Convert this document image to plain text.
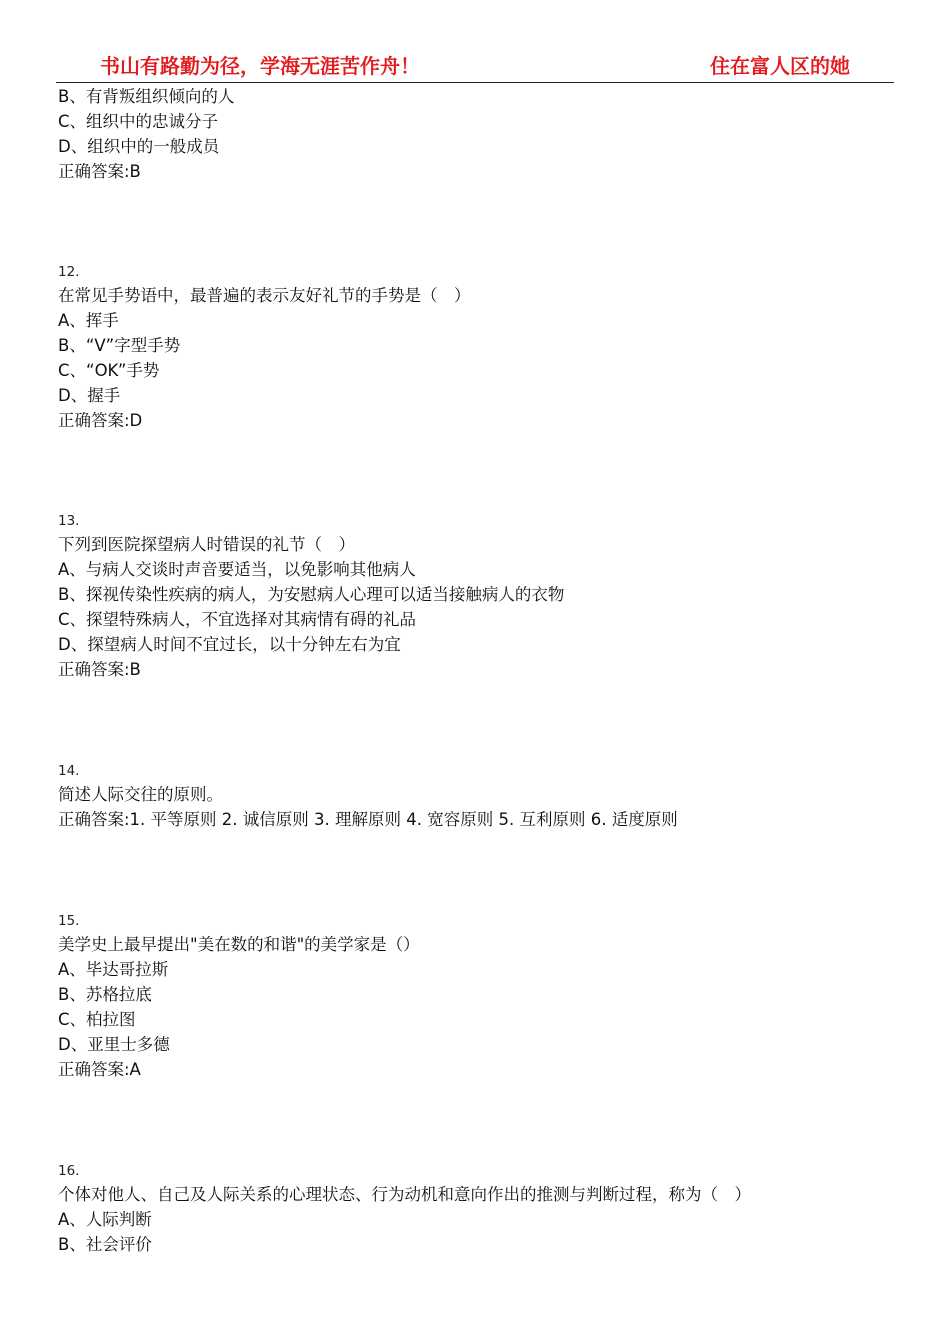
书山有路勤为径，学海无涯苦作舟！	住在富人区的她
B、有背叛组织倾向的人
C、组织中的忠诚分子
D、组织中的一般成员
正确答案:B
12.
在常见手势语中，最普遍的表示友好礼节的手势是（　）
A、挥手
B、“V”字型手势
C、“OK”手势
D、握手
正确答案:D
13.
下列到医院探望病人时错误的礼节（　）
A、与病人交谈时声音要适当，以免影响其他病人
B、探视传染性疾病的病人，为安慰病人心理可以适当接触病人的衣物
C、探望特殊病人，不宜选择对其病情有碍的礼品
D、探望病人时间不宜过长，以十分钟左右为宜
正确答案:B
14.
简述人际交往的原则。
正确答案:1. 平等原则 2. 诚信原则 3. 理解原则 4. 宽容原则 5. 互利原则 6. 适度原则
15.
美学史上最早提出"美在数的和谐"的美学家是（）
A、毕达哥拉斯
B、苏格拉底
C、柏拉图
D、亚里士多德
正确答案:A
16.
个体对他人、自己及人际关系的心理状态、行为动机和意向作出的推测与判断过程，称为（　）
A、人际判断
B、社会评价
